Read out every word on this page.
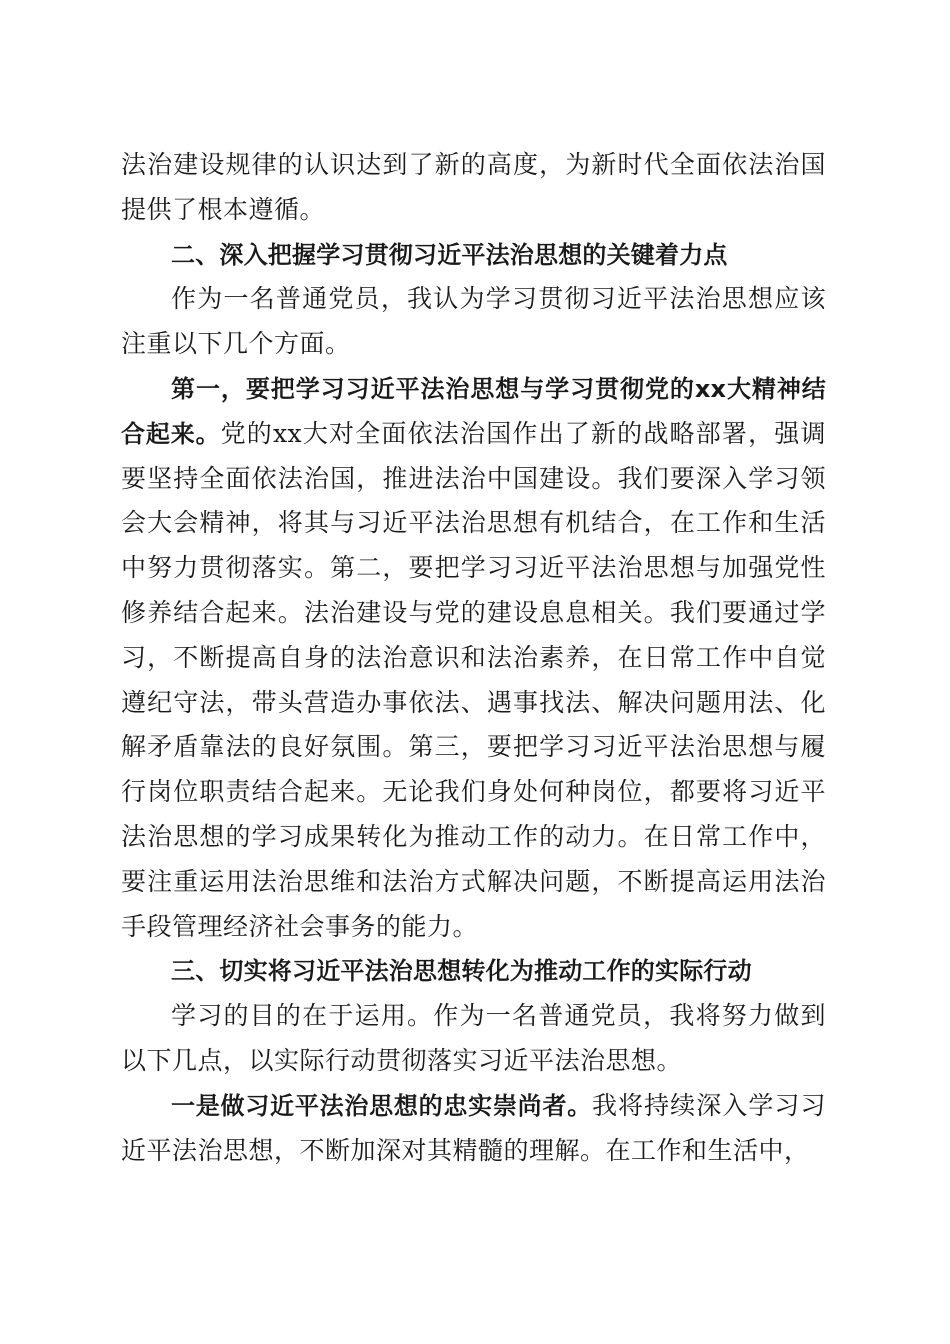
法治建设规律的认识达到了新的高度，为新时代全面依法治国提供了根本遵循。

二、深入把握学习贯彻习近平法治思想的关键着力点

作为一名普通党员，我认为学习贯彻习近平法治思想应该注重以下几个方面。

第一，要把学习习近平法治思想与学习贯彻党的xx大精神结合起来。党的xx大对全面依法治国作出了新的战略部署，强调要坚持全面依法治国，推进法治中国建设。我们要深入学习领会大会精神，将其与习近平法治思想有机结合，在工作和生活中努力贯彻落实。第二，要把学习习近平法治思想与加强党性修养结合起来。法治建设与党的建设息息相关。我们要通过学习，不断提高自身的法治意识和法治素养，在日常工作中自觉遵纪守法，带头营造办事依法、遇事找法、解决问题用法、化解矛盾靠法的良好氛围。第三，要把学习习近平法治思想与履行岗位职责结合起来。无论我们身处何种岗位，都要将习近平法治思想的学习成果转化为推动工作的动力。在日常工作中，要注重运用法治思维和法治方式解决问题，不断提高运用法治手段管理经济社会事务的能力。

三、切实将习近平法治思想转化为推动工作的实际行动

学习的目的在于运用。作为一名普通党员，我将努力做到以下几点，以实际行动贯彻落实习近平法治思想。

一是做习近平法治思想的忠实崇尚者。我将持续深入学习习近平法治思想，不断加深对其精髓的理解。在工作和生活中，
